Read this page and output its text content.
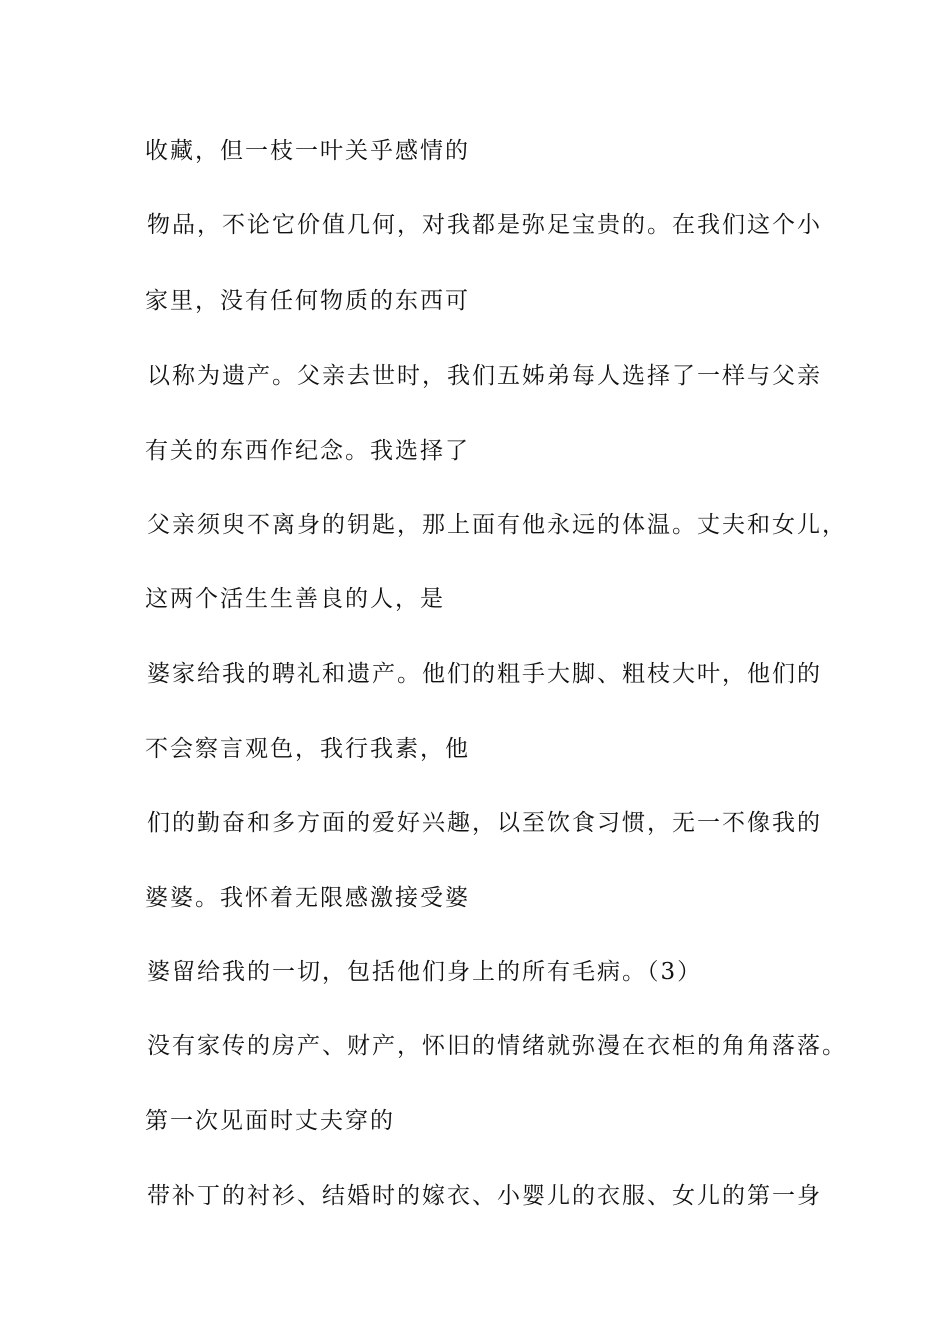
收藏，但一枝一叶关乎感情的
物品，不论它价值几何，对我都是弥足宝贵的。在我们这个小
家里，没有任何物质的东西可
以称为遗产。父亲去世时，我们五姊弟每人选择了一样与父亲
有关的东西作纪念。我选择了
父亲须臾不离身的钥匙，那上面有他永远的体温。丈夫和女儿，
这两个活生生善良的人，是
婆家给我的聘礼和遗产。他们的粗手大脚、粗枝大叶，他们的
不会察言观色，我行我素，他
们的勤奋和多方面的爱好兴趣，以至饮食习惯，无一不像我的
婆婆。我怀着无限感激接受婆
婆留给我的一切，包括他们身上的所有毛病。（3）
没有家传的房产、财产，怀旧的情绪就弥漫在衣柜的角角落落。
第一次见面时丈夫穿的
带补丁的衬衫、结婚时的嫁衣、小婴儿的衣服、女儿的第一身
